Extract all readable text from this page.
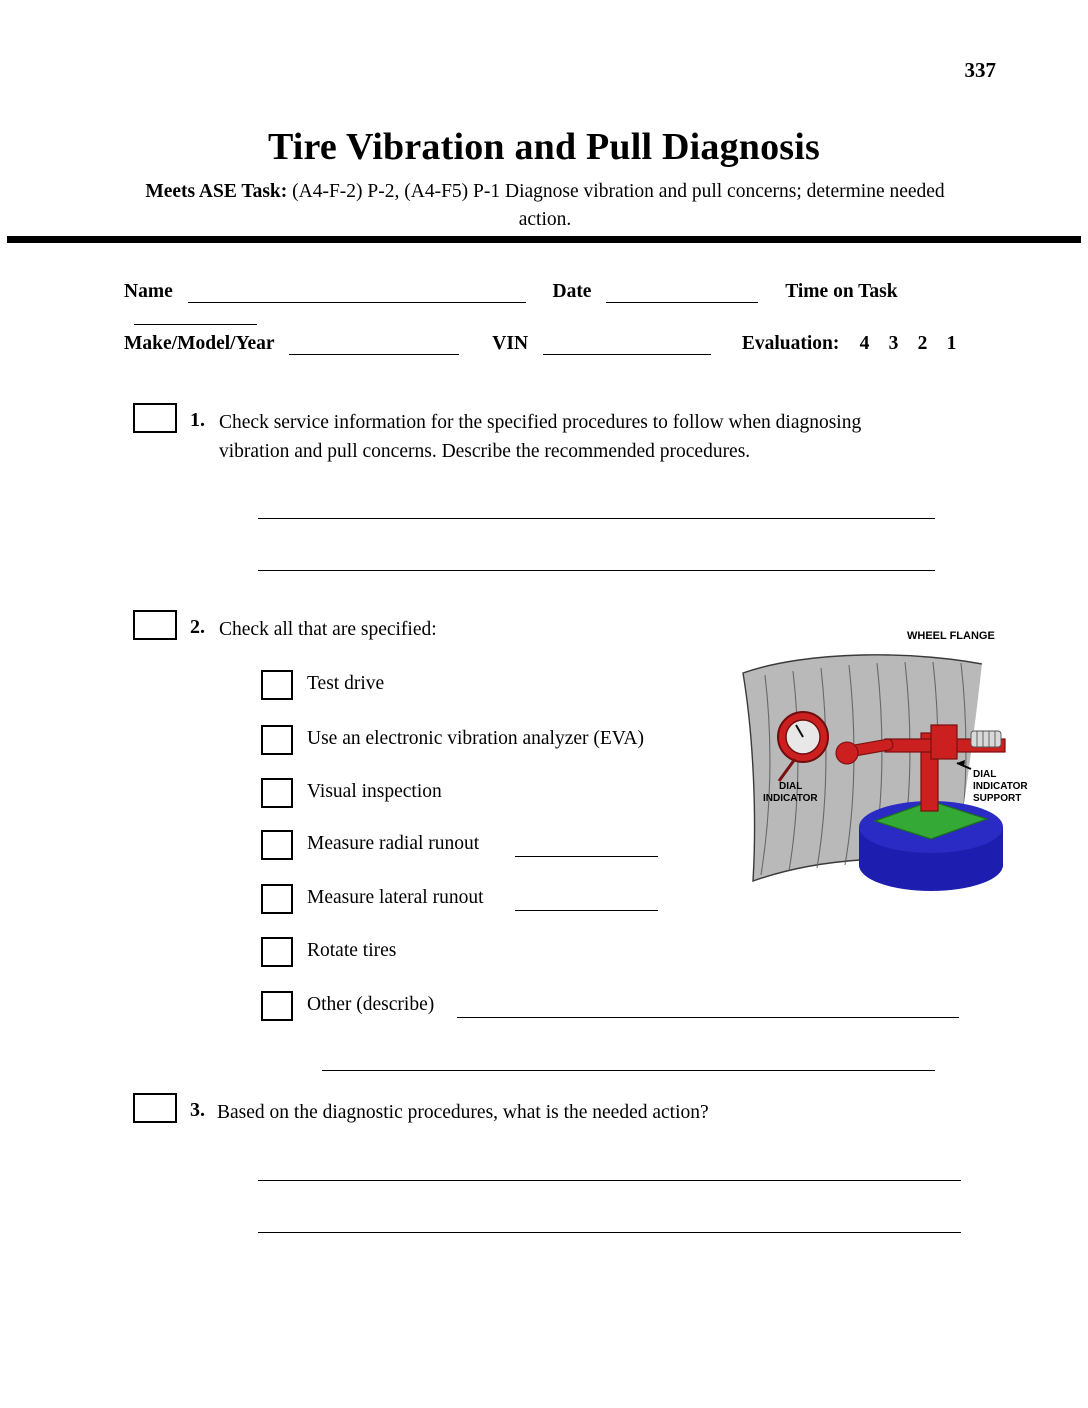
337
Tire Vibration and Pull Diagnosis
Meets ASE Task: (A4-F-2) P-2, (A4-F5) P-1 Diagnose vibration and pull concerns; determine needed action.
Name	Date	Time on Task
Make/Model/Year	VIN	Evaluation: 4 3 2 1
1. Check service information for the specified procedures to follow when diagnosing vibration and pull concerns. Describe the recommended procedures.
2. Check all that are specified:
Test drive
Use an electronic vibration analyzer (EVA)
Visual inspection
Measure radial runout
Measure lateral runout
Rotate tires
Other (describe)
WHEEL FLANGE
DIAL
INDICATOR
DIAL
INDICATOR
SUPPORT
3. Based on the diagnostic procedures, what is the needed action?
